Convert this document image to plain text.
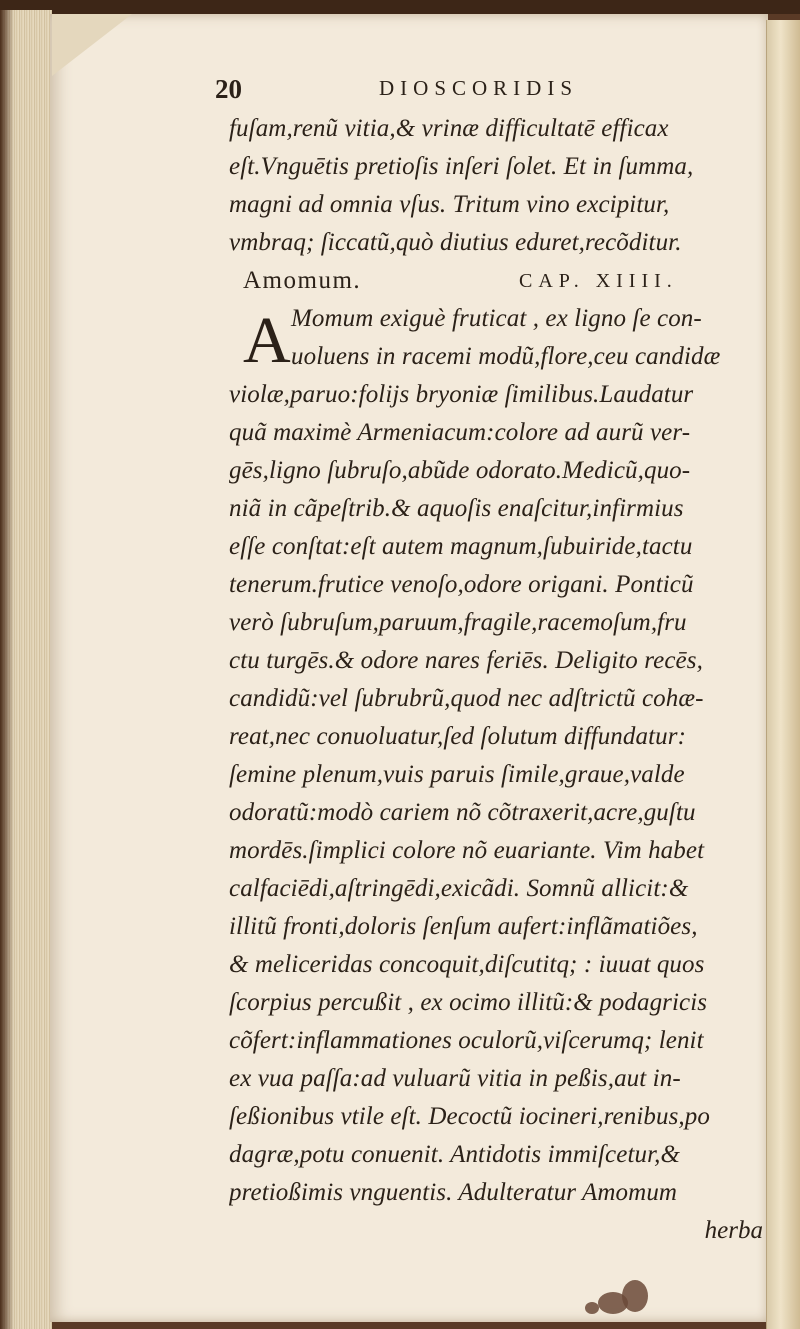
20	DIOSCORIDIS
fuſam,renũ vitia,& vrinæ difficultatē efficax
eſt.Vnguētis pretioſis inſeri ſolet. Et in ſumma,
magni ad omnia vſus. Tritum vino excipitur,
vmbraq; ſiccatũ,quò diutius eduret,recõditur.
Amomum.	CAP. XIIII.
A Momum exiguè fruticat , ex ligno ſe con-
uoluens in racemi modũ,flore,ceu candidæ
violæ,paruo:folijs bryoniæ ſimilibus.Laudatur
quã maximè Armeniacum:colore ad aurũ ver-
gēs,ligno ſubruſo,abũde odorato.Medicũ,quo-
niã in cãpeſtrib.& aquoſis enaſcitur,infirmius
eſſe conſtat:eſt autem magnum,ſubuiride,tactu
tenerum.frutice venoſo,odore origani. Ponticũ
verò ſubruſum,paruum,fragile,racemoſum,fru
ctu turgēs.& odore nares feriēs. Deligito recēs,
candidũ:vel ſubrubrũ,quod nec adſtrictũ cohæ-
reat,nec conuoluatur,ſed ſolutum diffundatur:
ſemine plenum,vuis paruis ſimile,graue,valde
odoratũ:modò cariem nõ cõtraxerit,acre,guſtu
mordēs.ſimplici colore nõ euariante. Vim habet
calfaciēdi,aſtringēdi,exicãdi. Somnũ allicit:&
illitũ fronti,doloris ſenſum aufert:inflãmatiões,
& meliceridas concoquit,diſcutitq; : iuuat quos
ſcorpius percußit , ex ocimo illitũ:& podagricis
cõfert:inflammationes oculorũ,viſcerumq; lenit
ex vua paſſa:ad vuluarũ vitia in peßis,aut in-
ſeßionibus vtile eſt. Decoctũ iocineri,renibus,po
dagræ,potu conuenit. Antidotis immiſcetur,&
pretioßimis vnguentis. Adulteratur Amomum
herba
